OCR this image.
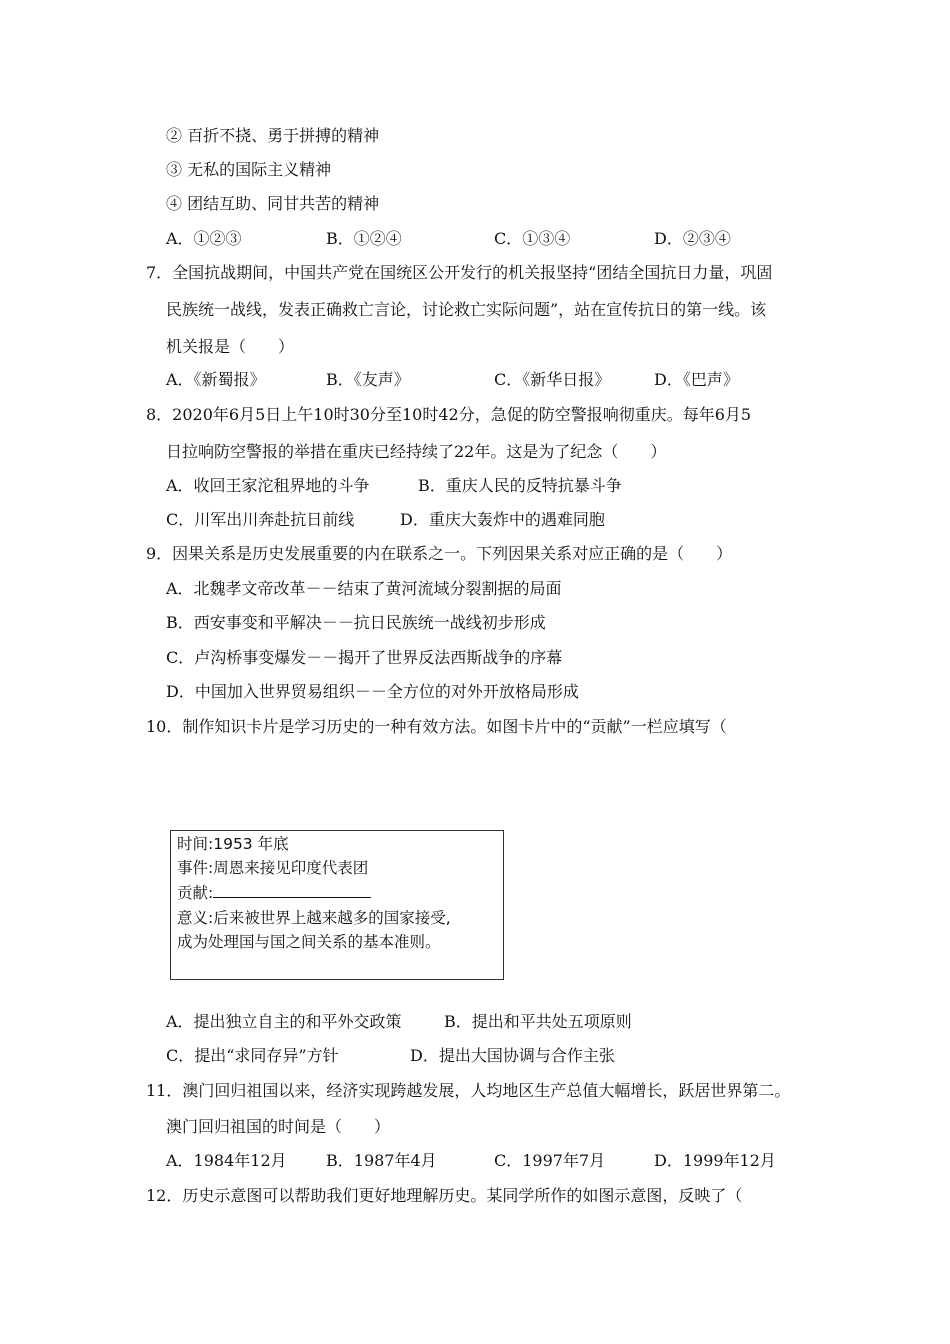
② 百折不挠、勇于拼搏的精神
③ 无私的国际主义精神
④ 团结互助、同甘共苦的精神
A．①②③	B．①②④	C．①③④	D．②③④
7．全国抗战期间，中国共产党在国统区公开发行的机关报坚持“团结全国抗日力量，巩固
民族统一战线，发表正确救亡言论，讨论救亡实际问题”，站在宣传抗日的第一线。该
机关报是（　　）
A．《新蜀报》	B．《友声》	C．《新华日报》	D．《巴声》
8．2020年6月5日上午10时30分至10时42分，急促的防空警报响彻重庆。每年6月5
日拉响防空警报的举措在重庆已经持续了22年。这是为了纪念（　　）
A．收回王家沱租界地的斗争	B．重庆人民的反特抗暴斗争
C．川军出川奔赴抗日前线	D．重庆大轰炸中的遇难同胞
9．因果关系是历史发展重要的内在联系之一。下列因果关系对应正确的是（　　）
A．北魏孝文帝改革－－结束了黄河流域分裂割据的局面
B．西安事变和平解决－－抗日民族统一战线初步形成
C．卢沟桥事变爆发－－揭开了世界反法西斯战争的序幕
D．中国加入世界贸易组织－－全方位的对外开放格局形成
10．制作知识卡片是学习历史的一种有效方法。如图卡片中的“贡献”一栏应填写（
时间:1953 年底
事件:周恩来接见印度代表团
贡献:
意义:后来被世界上越来越多的国家接受,
成为处理国与国之间关系的基本准则。
A．提出独立自主的和平外交政策	B．提出和平共处五项原则
C．提出“求同存异”方针	D．提出大国协调与合作主张
11．澳门回归祖国以来，经济实现跨越发展，人均地区生产总值大幅增长，跃居世界第二。
澳门回归祖国的时间是（　　）
A．1984年12月 B．1987年4月	C．1997年7月	D．1999年12月
12．历史示意图可以帮助我们更好地理解历史。某同学所作的如图示意图，反映了（
